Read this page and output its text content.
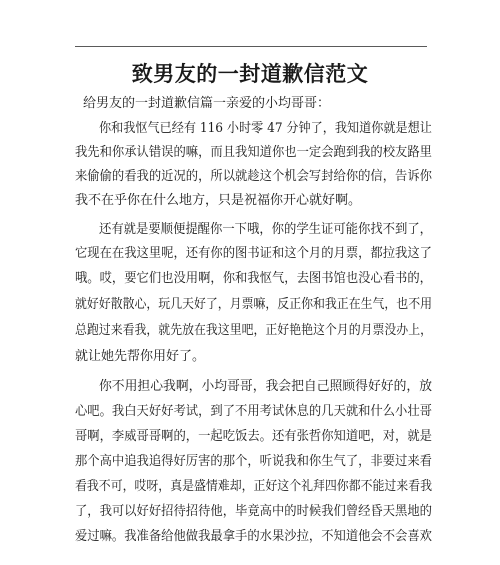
致男友的一封道歉信范文
给男友的一封道歉信篇一亲爱的小均哥哥：
你和我怄气已经有 116 小时零 47 分钟了，我知道你就是想让
我先和你承认错误的嘛，而且我知道你也一定会跑到我的校友路里
来偷偷的看我的近况的，所以就趁这个机会写封给你的信，告诉你
我不在乎你在什么地方，只是祝福你开心就好啊。
还有就是要顺便提醒你一下哦，你的学生证可能你找不到了，
它现在在我这里呢，还有你的图书证和这个月的月票，都拉我这了
哦。哎，要它们也没用啊，你和我怄气，去图书馆也没心看书的，
就好好散散心，玩几天好了，月票嘛，反正你和我正在生气，也不用
总跑过来看我，就先放在我这里吧，正好艳艳这个月的月票没办上，
就让她先帮你用好了。
你不用担心我啊，小均哥哥，我会把自己照顾得好好的，放
心吧。我白天好好考试，到了不用考试休息的几天就和什么小壮哥
哥啊，李威哥哥啊的，一起吃饭去。还有张哲你知道吧，对，就是
那个高中追我追得好厉害的那个，听说我和你生气了，非要过来看
看我不可，哎呀，真是盛情难却，正好这个礼拜四你都不能过来看我
了，我可以好好招待招待他，毕竟高中的时候我们曾经昏天黑地的
爱过嘛。我准备给他做我最拿手的水果沙拉，不知道他会不会喜欢
